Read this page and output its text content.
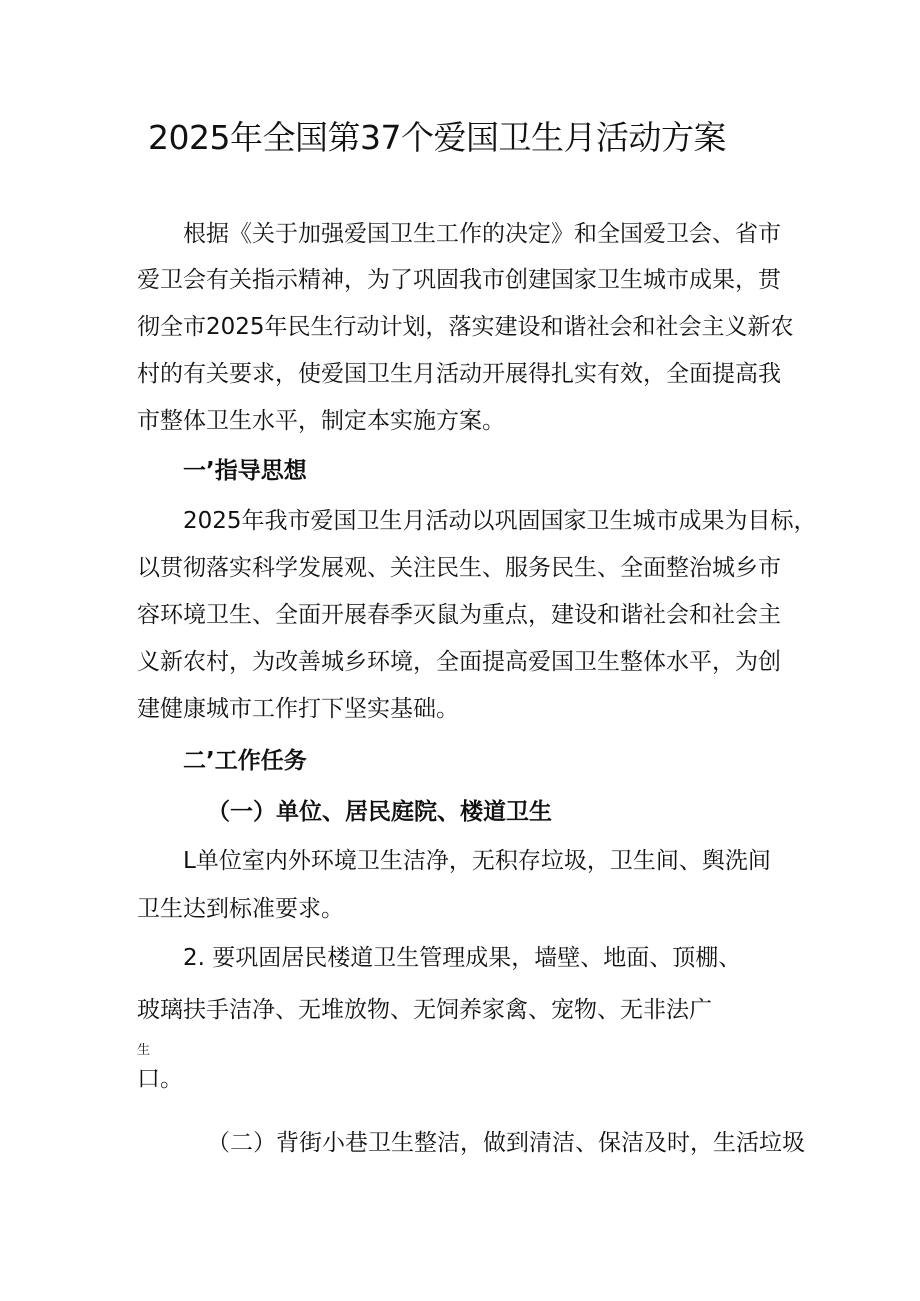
2025年全国第37个爱国卫生月活动方案
根据《关于加强爱国卫生工作的决定》和全国爱卫会、省市
爱卫会有关指示精神，为了巩固我市创建国家卫生城市成果，贯
彻全市2025年民生行动计划，落实建设和谐社会和社会主义新农
村的有关要求，使爱国卫生月活动开展得扎实有效，全面提高我
市整体卫生水平，制定本实施方案。
一’指导思想
2025年我市爱国卫生月活动以巩固国家卫生城市成果为目标，
以贯彻落实科学发展观、关注民生、服务民生、全面整治城乡市
容环境卫生、全面开展春季灭鼠为重点，建设和谐社会和社会主
义新农村，为改善城乡环境，全面提高爱国卫生整体水平，为创
建健康城市工作打下坚实基础。
二’工作任务
（一）单位、居民庭院、楼道卫生
L单位室内外环境卫生洁净，无积存垃圾，卫生间、舆洗间
卫生达到标准要求。
2. 要巩固居民楼道卫生管理成果，墙壁、地面、顶棚、
玻璃扶手洁净、无堆放物、无饲养家禽、宠物、无非法广
生
口。
（二）背街小巷卫生整洁，做到清洁、保洁及时，生活垃圾
